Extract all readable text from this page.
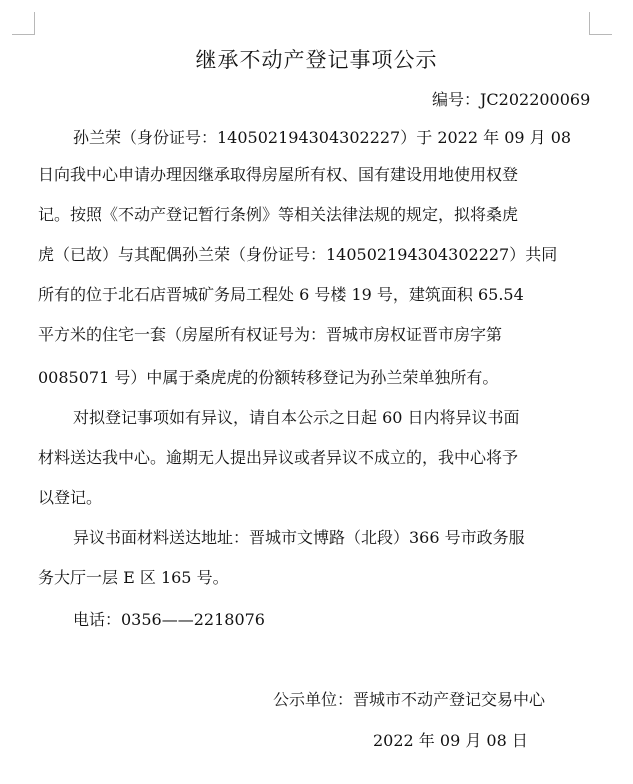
继承不动产登记事项公示
编号：JC202200069
孙兰荣（身份证号：140502194304302227）于 2022 年 09 月 08
日向我中心申请办理因继承取得房屋所有权、国有建设用地使用权登
记。按照《不动产登记暂行条例》等相关法律法规的规定，拟将桑虎
虎（已故）与其配偶孙兰荣（身份证号：140502194304302227）共同
所有的位于北石店晋城矿务局工程处 6 号楼 19 号，建筑面积 65.54
平方米的住宅一套（房屋所有权证号为：晋城市房权证晋市房字第
0085071 号）中属于桑虎虎的份额转移登记为孙兰荣单独所有。
对拟登记事项如有异议，请自本公示之日起 60 日内将异议书面
材料送达我中心。逾期无人提出异议或者异议不成立的，我中心将予
以登记。
异议书面材料送达地址：晋城市文博路（北段）366 号市政务服
务大厅一层 E 区 165 号。
电话：0356——2218076
公示单位：晋城市不动产登记交易中心
2022 年 09 月 08 日
